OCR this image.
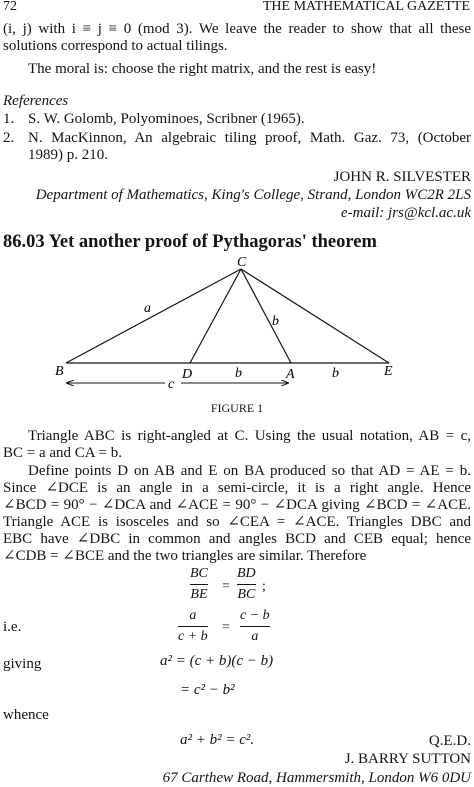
72	THE MATHEMATICAL GAZETTE
(i, j) with i ≡ j ≡ 0 (mod 3). We leave the reader to show that all these
solutions correspond to actual tilings.
The moral is: choose the right matrix, and the rest is easy!
References
1. S. W. Golomb, Polyominoes, Scribner (1965).
2. N. MacKinnon, An algebraic tiling proof, Math. Gaz. 73, (October
1989) p. 210.
JOHN R. SILVESTER
Department of Mathematics, King's College, Strand, London WC2R 2LS
e-mail: jrs@kcl.ac.uk
86.03 Yet another proof of Pythagoras' theorem
C
a
b
B	D	b	A	b	E
c
FIGURE 1
Triangle ABC is right-angled at C. Using the usual notation, AB = c,
BC = a and CA = b.
Define points D on AB and E on BA produced so that AD = AE = b.
Since ∠DCE is an angle in a semi-circle, it is a right angle. Hence
∠BCD = 90° − ∠DCA and ∠ACE = 90° − ∠DCA giving ∠BCD = ∠ACE.
Triangle ACE is isosceles and so ∠CEA = ∠ACE. Triangles DBC and
EBC have ∠DBC in common and angles BCD and CEB equal; hence
∠CDB = ∠BCE and the two triangles are similar. Therefore
BC
BE
=
BD
BC
;
i.e.
a
c + b
=
c − b
a
giving	a² = (c + b)(c − b)
= c² − b²
whence
a² + b² = c².	Q.E.D.
J. BARRY SUTTON
67 Carthew Road, Hammersmith, London W6 0DU
